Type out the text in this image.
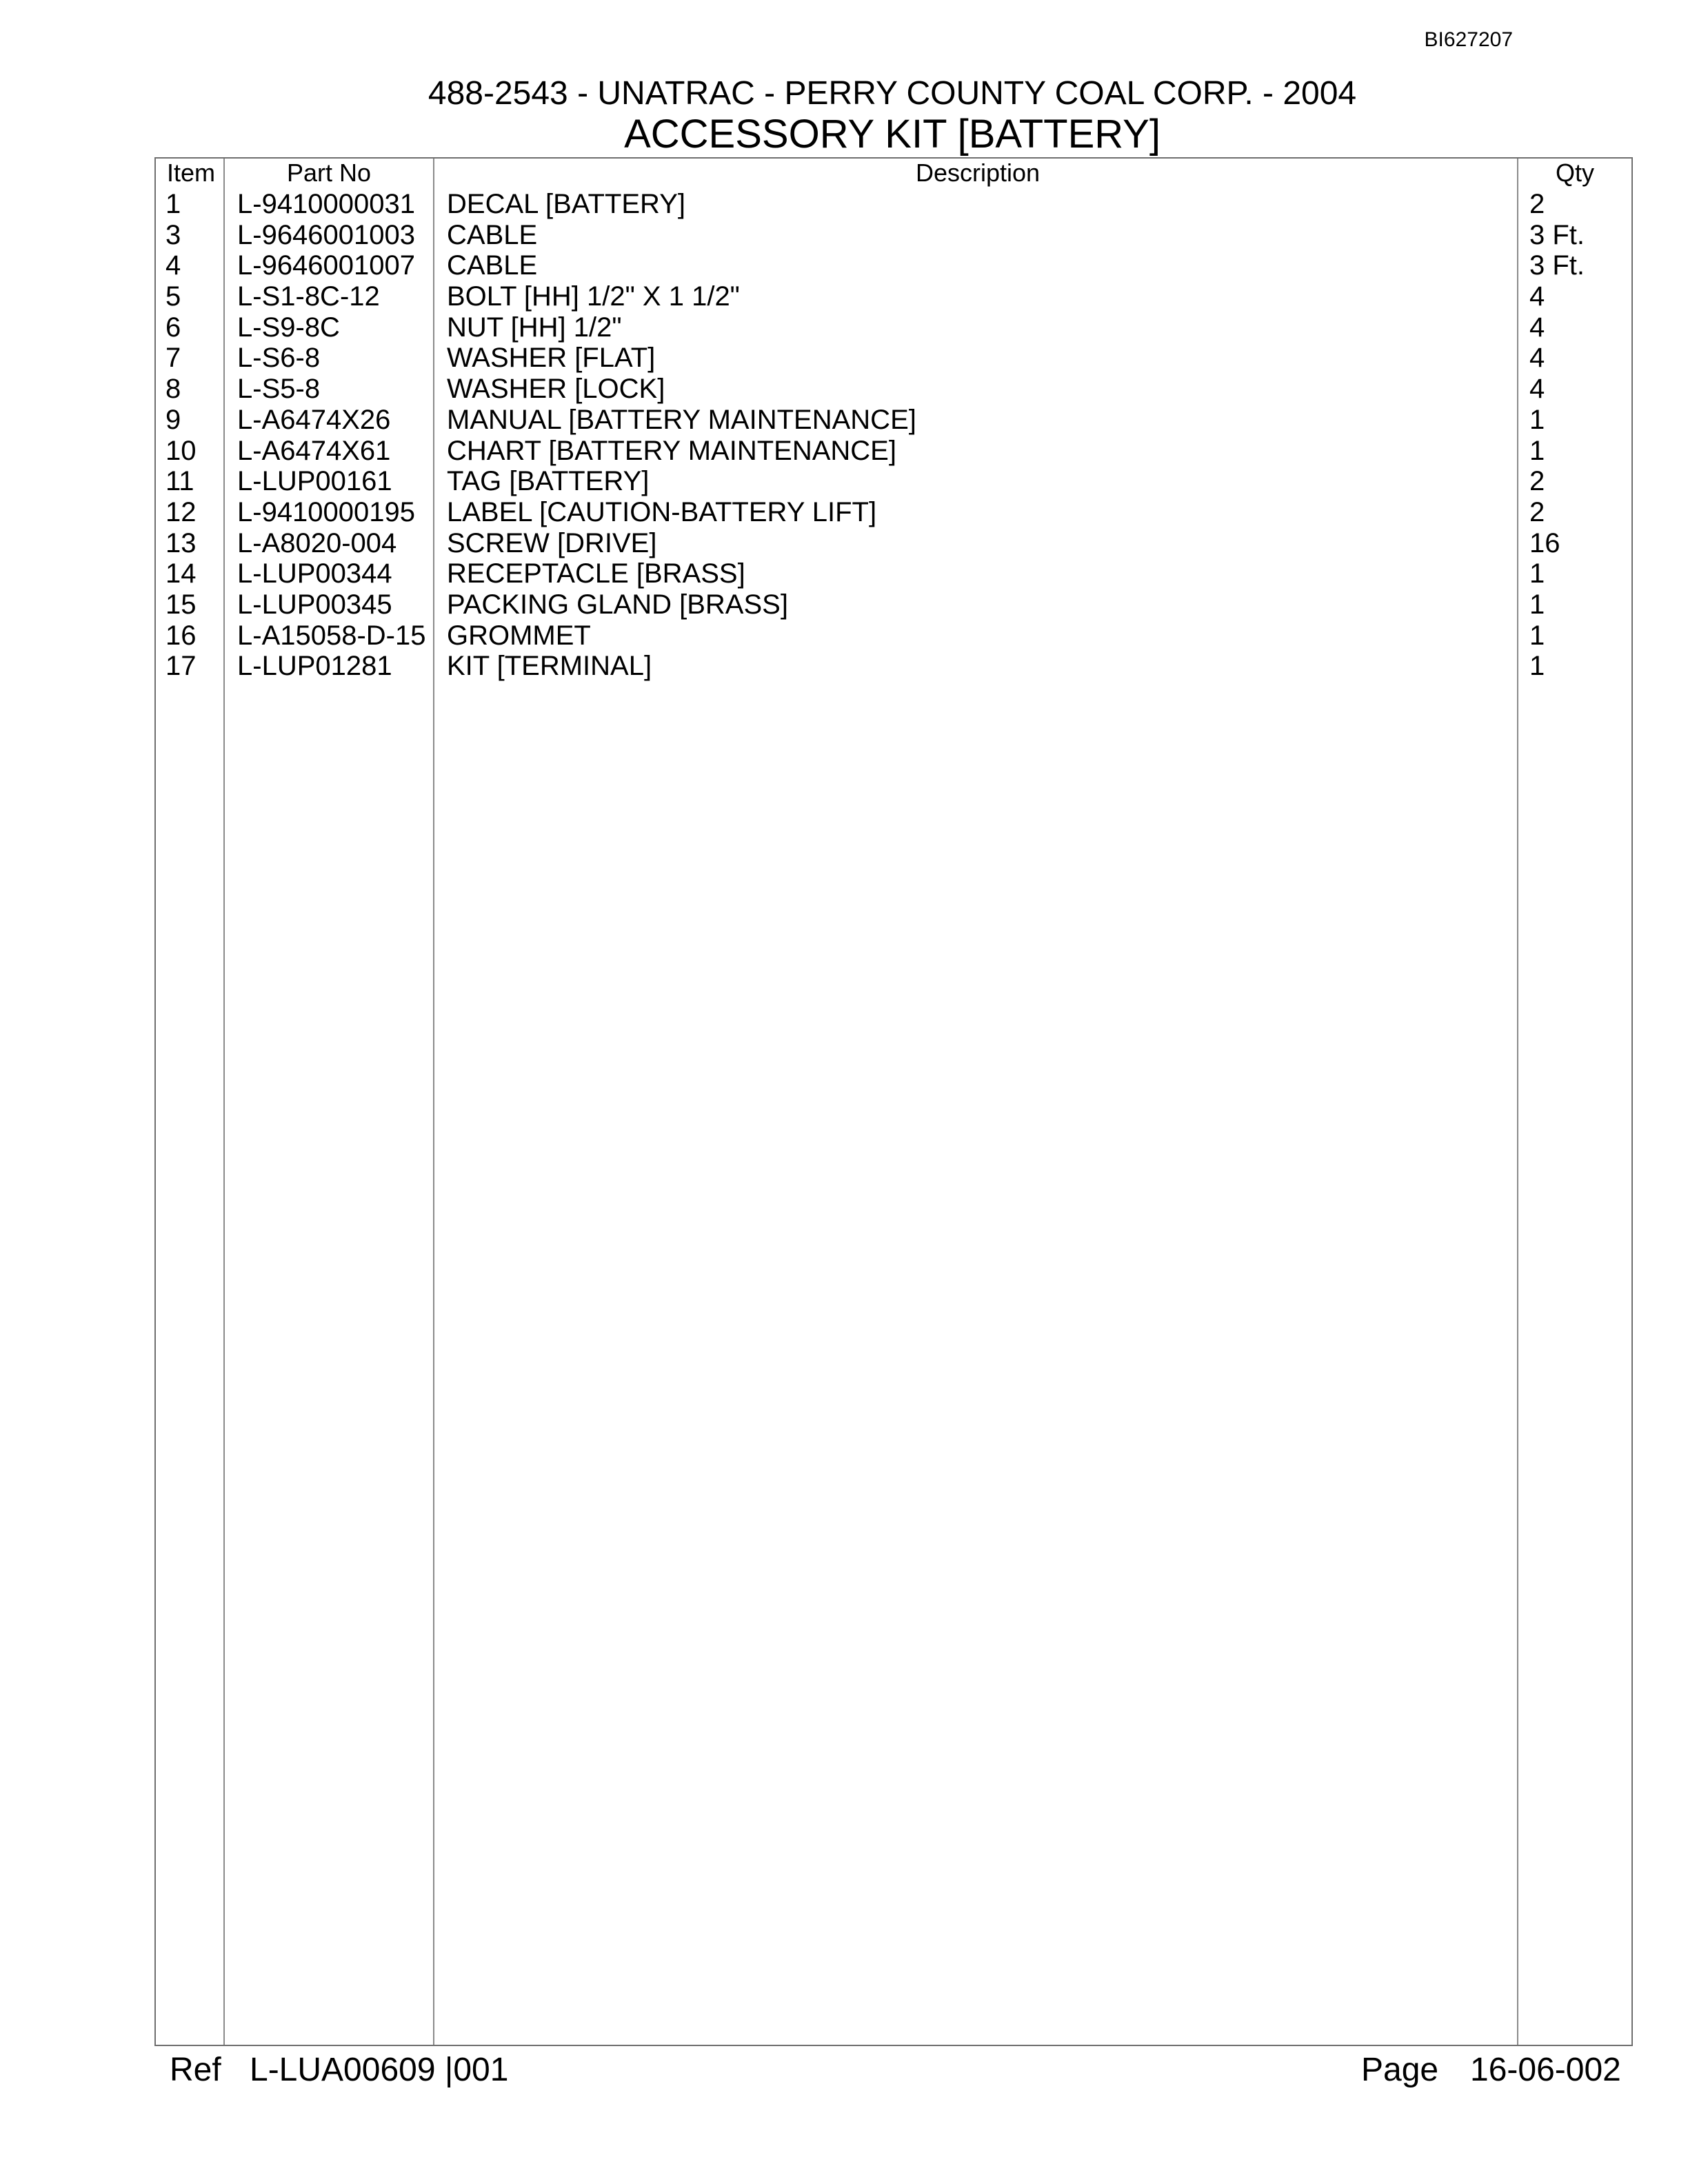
BI627207
488-2543 - UNATRAC - PERRY COUNTY COAL CORP. - 2004
ACCESSORY KIT [BATTERY]
Item	Part No	Description	Qty
1 L-9410000031 DECAL [BATTERY]	2
3 L-9646001003 CABLE	3 Ft.
4 L-9646001007 CABLE	3 Ft.
5 L-S1-8C-12 BOLT [HH] 1/2" X 1 1/2"	4
6 L-S9-8C	NUT [HH] 1/2"	4
7 L-S6-8	WASHER [FLAT]	4
8 L-S5-8	WASHER [LOCK]	4
9 L-A6474X26 MANUAL [BATTERY MAINTENANCE]	1
10 L-A6474X61 CHART [BATTERY MAINTENANCE]	1
11 L-LUP00161 TAG [BATTERY]	2
12 L-9410000195 LABEL [CAUTION-BATTERY LIFT]	2
13 L-A8020-004 SCREW [DRIVE]	16
14 L-LUP00344 RECEPTACLE [BRASS]	1
15 L-LUP00345 PACKING GLAND [BRASS]	1
16 L-A15058-D-15 GROMMET	1
17 L-LUP01281 KIT [TERMINAL]	1
Ref L-LUA00609 |001	Page 16-06-002
